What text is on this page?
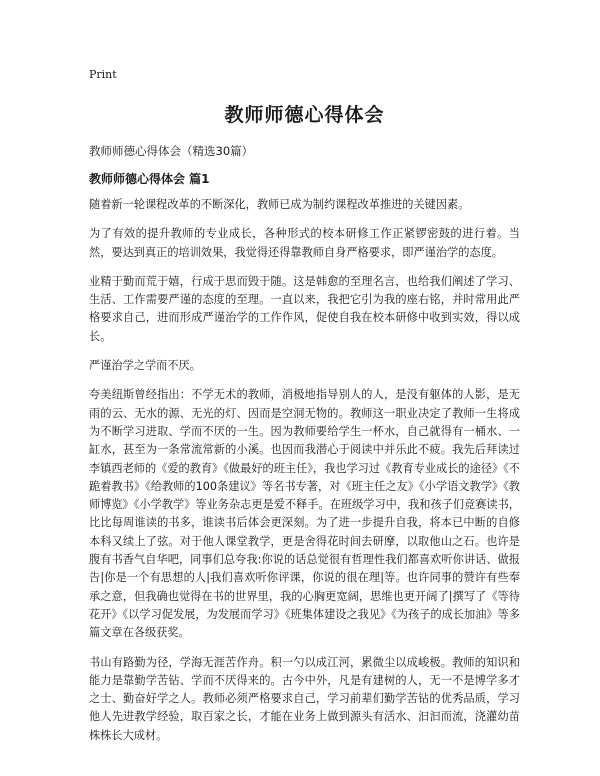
Print
教师师德心得体会
教师师德心得体会（精选30篇）
教师师德心得体会 篇1

随着新一轮课程改革的不断深化，教师已成为制约课程改革推进的关键因素。

为了有效的提升教师的专业成长，各种形式的校本研修工作正紧锣密鼓的进行着。当然，要达到真正的培训效果，我觉得还得靠教师自身严格要求，即严谨治学的态度。

业精于勤而荒于嬉，行成于思而毁于随。这是韩愈的至理名言，也给我们阐述了学习、生活、工作需要严谨的态度的至理。一直以来，我把它引为我的座右铭，并时常用此严格要求自己，进而形成严谨治学的工作作风，促使自我在校本研修中收到实效，得以成长。

严谨治学之学而不厌。

夸美纽斯曾经指出：不学无术的教师，消极地指导别人的人，是没有躯体的人影，是无雨的云、无水的源、无光的灯、因而是空洞无物的。教师这一职业决定了教师一生将成为不断学习进取、学而不厌的一生。因为教师要给学生一杯水，自己就得有一桶水、一缸水，甚至为一条常流常新的小溪。也因而我潜心于阅读中并乐此不疲。我先后拜读过李镇西老师的《爱的教育》《做最好的班主任》，我也学习过《教育专业成长的途径》《不跪着教书》《给教师的100条建议》等名书专著，对《班主任之友》《小学语文教学》《教师博览》《小学教学》等业务杂志更是爱不释手。在班级学习中，我和孩子们竞赛读书，比比每周谁读的书多，谁读书后体会更深刻。为了进一步提升自我，将本已中断的自修本科又续上了弦。对于他人课堂教学，更是舍得花时间去研摩，以取他山之石。也许是腹有书香气自华吧，同事们总夸我:你说的话总觉很有哲理性我们都喜欢听你讲话、做报告|你是一个有思想的人|我们喜欢听你评课，你说的很在理|等。也许同事的赞许有些奉承之意，但我确也觉得在书的世界里，我的心胸更宽阔，思维也更开阔了|撰写了《等待花开》《以学习促发展，为发展而学习》《班集体建设之我见》《为孩子的成长加油》等多篇文章在各级获奖。

书山有路勤为径，学海无涯苦作舟。积一勺以成江河，累微尘以成峻极。教师的知识和能力是靠勤学苦钻、学而不厌得来的。古今中外，凡是有建树的人，无一不是博学多才之士、勤奋好学之人。教师必须严格要求自己，学习前辈们勤学苦钻的优秀品质，学习他人先进教学经验，取百家之长，才能在业务上做到源头有活水、汩汩而流，浇灌幼苗株株长大成材。
